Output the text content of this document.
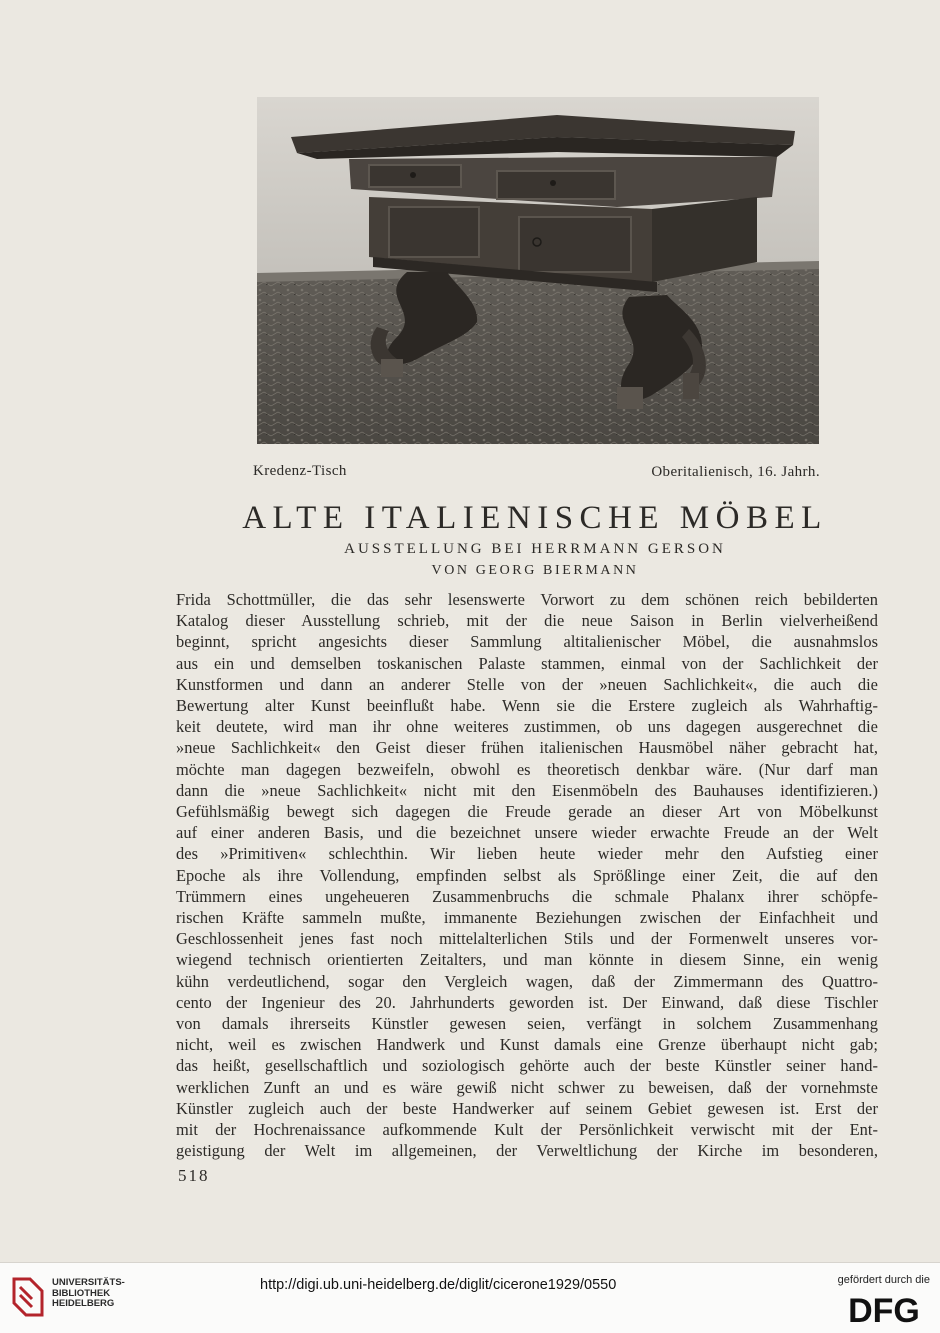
Kredenz-Tisch	Oberitalienisch, 16. Jahrh.
ALTE ITALIENISCHE MÖBEL
AUSSTELLUNG BEI HERRMANN GERSON
VON GEORG BIERMANN
Frida Schottmüller, die das sehr lesenswerte Vorwort zu dem schönen reich bebilderten
Katalog dieser Ausstellung schrieb, mit der die neue Saison in Berlin vielverheißend
beginnt, spricht angesichts dieser Sammlung altitalienischer Möbel, die ausnahmslos
aus ein und demselben toskanischen Palaste stammen, einmal von der Sachlichkeit der
Kunstformen und dann an anderer Stelle von der »neuen Sachlichkeit«, die auch die
Bewertung alter Kunst beeinflußt habe. Wenn sie die Erstere zugleich als Wahrhaftig-
keit deutete, wird man ihr ohne weiteres zustimmen, ob uns dagegen ausgerechnet die
»neue Sachlichkeit« den Geist dieser frühen italienischen Hausmöbel näher gebracht hat,
möchte man dagegen bezweifeln, obwohl es theoretisch denkbar wäre. (Nur darf man
dann die »neue Sachlichkeit« nicht mit den Eisenmöbeln des Bauhauses identifizieren.)
Gefühlsmäßig bewegt sich dagegen die Freude gerade an dieser Art von Möbelkunst
auf einer anderen Basis, und die bezeichnet unsere wieder erwachte Freude an der Welt
des »Primitiven« schlechthin. Wir lieben heute wieder mehr den Aufstieg einer
Epoche als ihre Vollendung, empfinden selbst als Sprößlinge einer Zeit, die auf den
Trümmern eines ungeheueren Zusammenbruchs die schmale Phalanx ihrer schöpfe-
rischen Kräfte sammeln mußte, immanente Beziehungen zwischen der Einfachheit und
Geschlossenheit jenes fast noch mittelalterlichen Stils und der Formenwelt unseres vor-
wiegend technisch orientierten Zeitalters, und man könnte in diesem Sinne, ein wenig
kühn verdeutlichend, sogar den Vergleich wagen, daß der Zimmermann des Quattro-
cento der Ingenieur des 20. Jahrhunderts geworden ist. Der Einwand, daß diese Tischler
von damals ihrerseits Künstler gewesen seien, verfängt in solchem Zusammenhang
nicht, weil es zwischen Handwerk und Kunst damals eine Grenze überhaupt nicht gab;
das heißt, gesellschaftlich und soziologisch gehörte auch der beste Künstler seiner hand-
werklichen Zunft an und es wäre gewiß nicht schwer zu beweisen, daß der vornehmste
Künstler zugleich auch der beste Handwerker auf seinem Gebiet gewesen ist. Erst der
mit der Hochrenaissance aufkommende Kult der Persönlichkeit verwischt mit der Ent-
geistigung der Welt im allgemeinen, der Verweltlichung der Kirche im besonderen,
518
UNIVERSITÄTS-
BIBLIOTHEK
HEIDELBERG
http://digi.ub.uni-heidelberg.de/diglit/cicerone1929/0550	gefördert durch die
DFG
